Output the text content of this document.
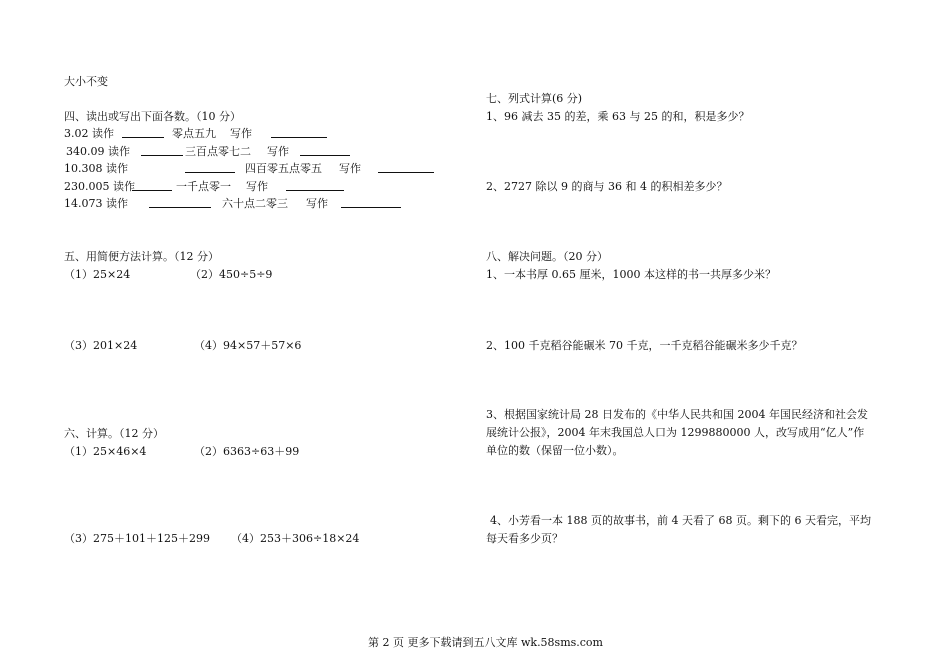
大小不变
四、读出或写出下面各数。（10 分）
3.02 读作	零点五九 写作
340.09 读作	三百点零七二 写作
10.308 读作	四百零五点零五 写作
230.005 读作	一千点零一 写作
14.073 读作	六十点二零三 写作
五、用简便方法计算。（12 分）
（1）25×24	（2）450÷5÷9
（3）201×24	（4）94×57＋57×6
六、计算。（12 分）
（1）25×46×4	（2）6363÷63＋99
（3）275＋101＋125＋299 （4）253＋306÷18×24
七、列式计算(6 分)
1、96 减去 35 的差，乘 63 与 25 的和，积是多少？
2、2727 除以 9 的商与 36 和 4 的积相差多少？
八、解决问题。（20 分）
1、一本书厚 0.65 厘米，1000 本这样的书一共厚多少米？
2、100 千克稻谷能碾米 70 千克，一千克稻谷能碾米多少千克？
3、根据国家统计局 28 日发布的《中华人民共和国 2004 年国民经济和社会发
展统计公报》，2004 年末我国总人口为 1299880000 人，改写成用“亿人”作
单位的数（保留一位小数）。
4、小芳看一本 188 页的故事书，前 4 天看了 68 页。剩下的 6 天看完，平均
每天看多少页？
第 2 页 更多下载请到五八文库 wk.58sms.com
